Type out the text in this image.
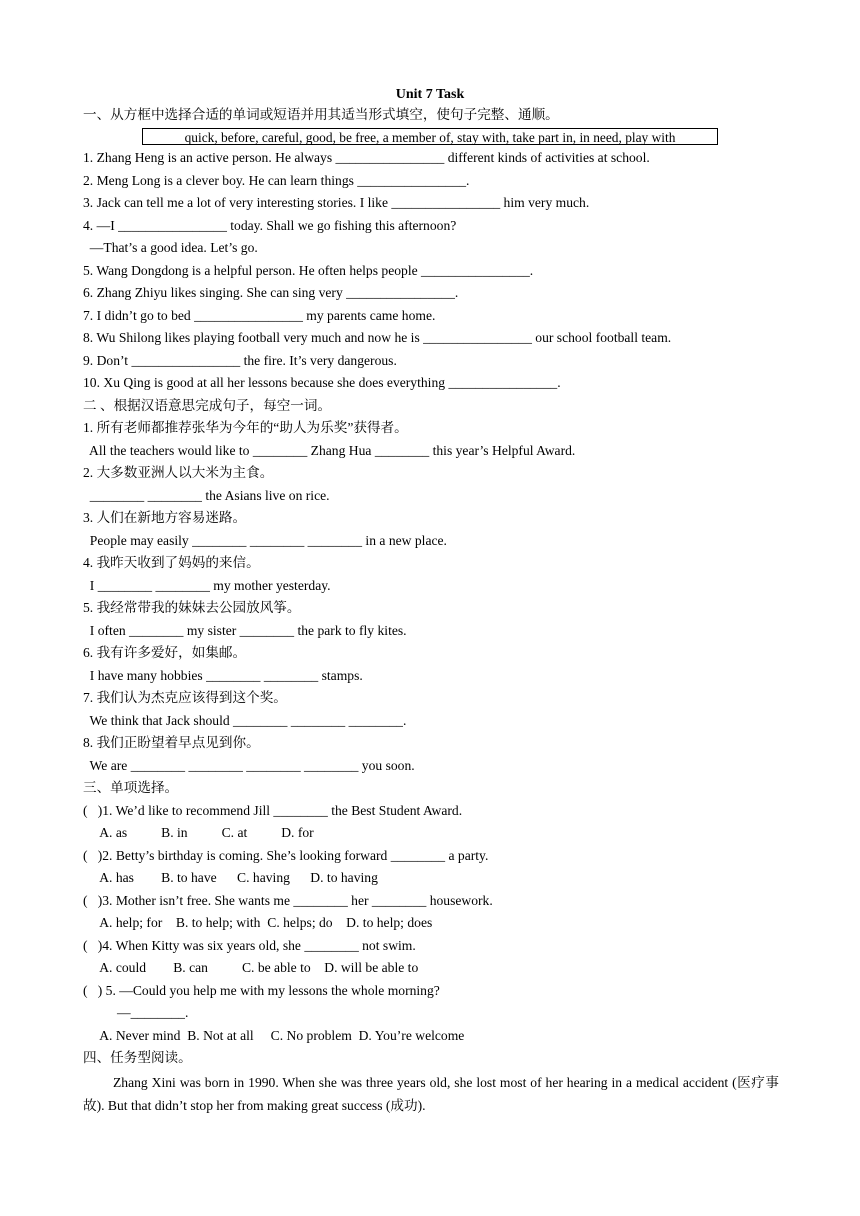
Unit 7 Task
一、从方框中选择合适的单词或短语并用其适当形式填空，使句子完整、通顺。
quick, before, careful, good, be free, a member of, stay with, take part in, in need, play with
1. Zhang Heng is an active person. He always ________________ different kinds of activities at school.
2. Meng Long is a clever boy. He can learn things ________________.
3. Jack can tell me a lot of very interesting stories. I like ________________ him very much.
4. —I ________________ today. Shall we go fishing this afternoon?
—That’s a good idea. Let’s go.
5. Wang Dongdong is a helpful person. He often helps people ________________.
6. Zhang Zhiyu likes singing. She can sing very ________________.
7. I didn’t go to bed ________________ my parents came home.
8. Wu Shilong likes playing football very much and now he is ________________ our school football team.
9. Don’t ________________ the fire. It’s very dangerous.
10. Xu Qing is good at all her lessons because she does everything ________________.
二 、根据汉语意思完成句子，每空一词。
1. 所有老师都推荐张华为今年的“助人为乐奖”获得者。
All the teachers would like to ________ Zhang Hua ________ this year’s Helpful Award.
2. 大多数亚洲人以大米为主食。
________ ________ the Asians live on rice.
3. 人们在新地方容易迷路。
People may easily ________ ________ ________ in a new place.
4. 我昨天收到了妈妈的来信。
I ________ ________ my mother yesterday.
5. 我经常带我的妹妹去公园放风筝。
I often ________ my sister ________ the park to fly kites.
6. 我有许多爱好，如集邮。
I have many hobbies ________ ________ stamps.
7. 我们认为杰克应该得到这个奖。
We think that Jack should ________ ________ ________.
8. 我们正盼望着早点见到你。
We are ________ ________ ________ ________ you soon.
三、单项选择。
(   )1. We’d like to recommend Jill ________ the Best Student Award.
A. as          B. in          C. at          D. for
(   )2. Betty’s birthday is coming. She’s looking forward ________ a party.
A. has        B. to have      C. having      D. to having
(   )3. Mother isn’t free. She wants me ________ her ________ housework.
A. help; for    B. to help; with  C. helps; do    D. to help; does
(   )4. When Kitty was six years old, she ________ not swim.
A. could        B. can          C. be able to    D. will be able to
(   ) 5. —Could you help me with my lessons the whole morning?
—________.
A. Never mind  B. Not at all     C. No problem  D. You’re welcome
四、任务型阅读。
Zhang Xini was born in 1990. When she was three years old, she lost most of her hearing in a medical accident (医疗事故). But that didn’t stop her from making great success (成功).
